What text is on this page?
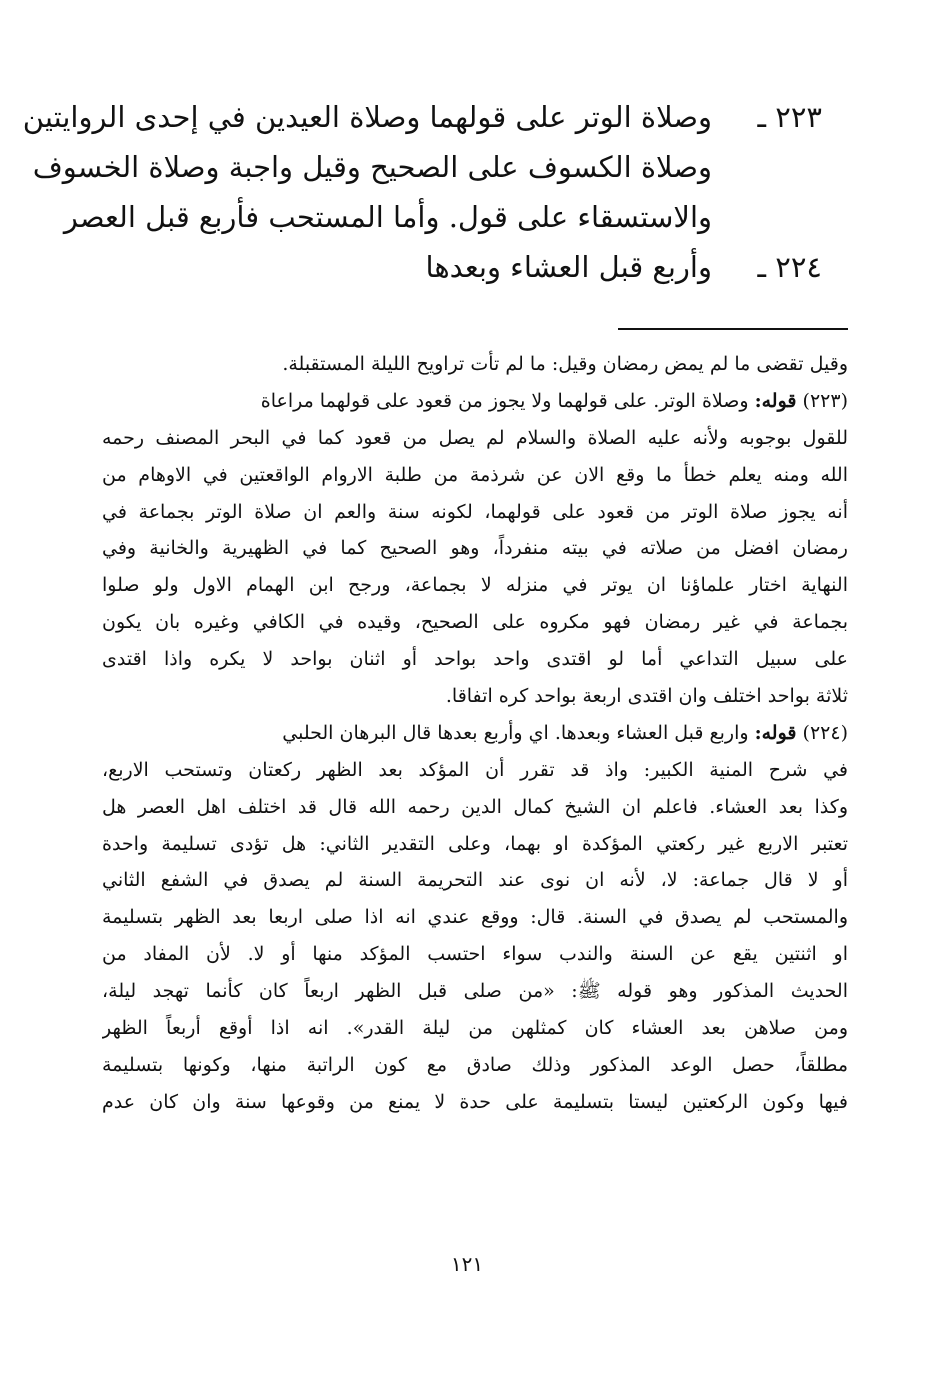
٢٢٣ ـوصلاة الوتر على قولهما وصلاة العيدين في إحدى الروايتين
وصلاة الكسوف على الصحيح وقيل واجبة وصلاة الخسوف
والاستسقاء على قول. وأما المستحب فأربع قبل العصر
٢٢٤ ـوأربع قبل العشاء وبعدها
وقيل تقضى ما لم يمض رمضان وقيل: ما لم تأت تراويح الليلة المستقبلة.
(٢٢٣) قوله: وصلاة الوتر. على قولهما ولا يجوز من قعود على قولهما مراعاة
للقول بوجوبه ولأنه عليه الصلاة والسلام لم يصل من قعود كما في البحر المصنف رحمه
الله ومنه يعلم خطأ ما وقع الان عن شرذمة من طلبة الاروام الواقعتين في الاوهام من
أنه يجوز صلاة الوتر من قعود على قولهما، لكونه سنة والعم ان صلاة الوتر بجماعة في
رمضان افضل من صلاته في بيته منفرداً، وهو الصحيح كما في الظهيرية والخانية وفي
النهاية اختار علماؤنا ان يوتر في منزله لا بجماعة، ورجح ابن الهمام الاول ولو صلوا
بجماعة في غير رمضان فهو مكروه على الصحيح، وقيده في الكافي وغيره بان يكون
على سبيل التداعي أما لو اقتدى واحد بواحد أو اثنان بواحد لا يكره واذا اقتدى
ثلاثة بواحد اختلف وان اقتدى اربعة بواحد كره اتفاقا.
(٢٢٤) قوله: واربع قبل العشاء وبعدها. اي وأربع بعدها قال البرهان الحلبي
في شرح المنية الكبير: واذ قد تقرر أن المؤكد بعد الظهر ركعتان وتستحب الاربع،
وكذا بعد العشاء. فاعلم ان الشيخ كمال الدين رحمه الله قال قد اختلف اهل العصر هل
تعتبر الاربع غير ركعتي المؤكدة او بهما، وعلى التقدير الثاني: هل تؤدى تسليمة واحدة
أو لا قال جماعة: لا، لأنه ان نوى عند التحريمة السنة لم يصدق في الشفع الثاني
والمستحب لم يصدق في السنة. قال: ووقع عندي انه اذا صلى اربعا بعد الظهر بتسليمة
او اثنتين يقع عن السنة والندب سواء احتسب المؤكد منها أو لا. لأن المفاد من
الحديث المذكور وهو قوله ﷺ: «من صلى قبل الظهر اربعاً كان كأنما تهجد ليلة،
ومن صلاهن بعد العشاء كان كمثلهن من ليلة القدر». انه اذا أوقع أربعاً الظهر
مطلقاً، حصل الوعد المذكور وذلك صادق مع كون الراتبة منها، وكونها بتسليمة
فيها وكون الركعتين ليستا بتسليمة على حدة لا يمنع من وقوعها سنة وان كان عدم
١٢١
